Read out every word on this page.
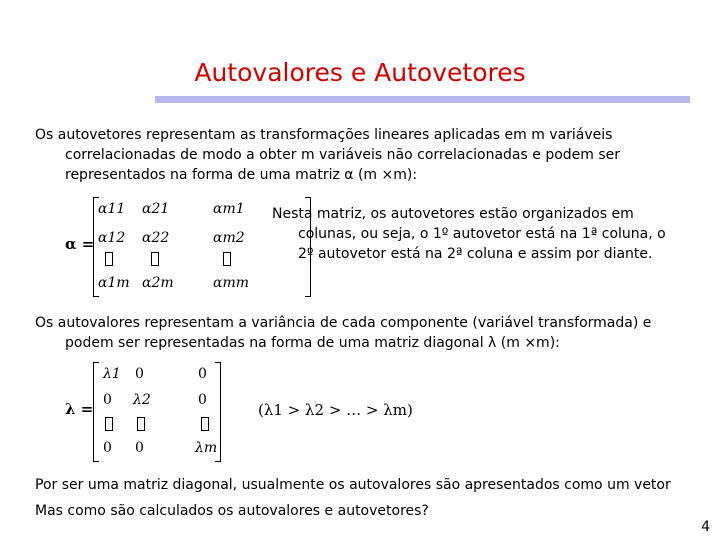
Autovalores e Autovetores
Os autovetores representam as transformações lineares aplicadas em m variáveis
correlacionadas de modo a obter m variáveis não correlacionadas e podem ser
representados na forma de uma matriz α (m ×m):
α =
α11 α21	αm1
α12 α22	αm2
α1m α2m	αmm
Nesta matriz, os autovetores estão organizados em
colunas, ou seja, o 1º autovetor está na 1ª coluna, o
2º autovetor está na 2ª coluna e assim por diante.
Os autovalores representam a variância de cada componente (variável transformada) e
podem ser representadas na forma de uma matriz diagonal λ (m ×m):
λ =
λ1 0	0
0 λ2	0
0 0	λm
(λ1 > λ2 > … > λm)
Por ser uma matriz diagonal, usualmente os autovalores são apresentados como um vetor
Mas como são calculados os autovalores e autovetores?
4
